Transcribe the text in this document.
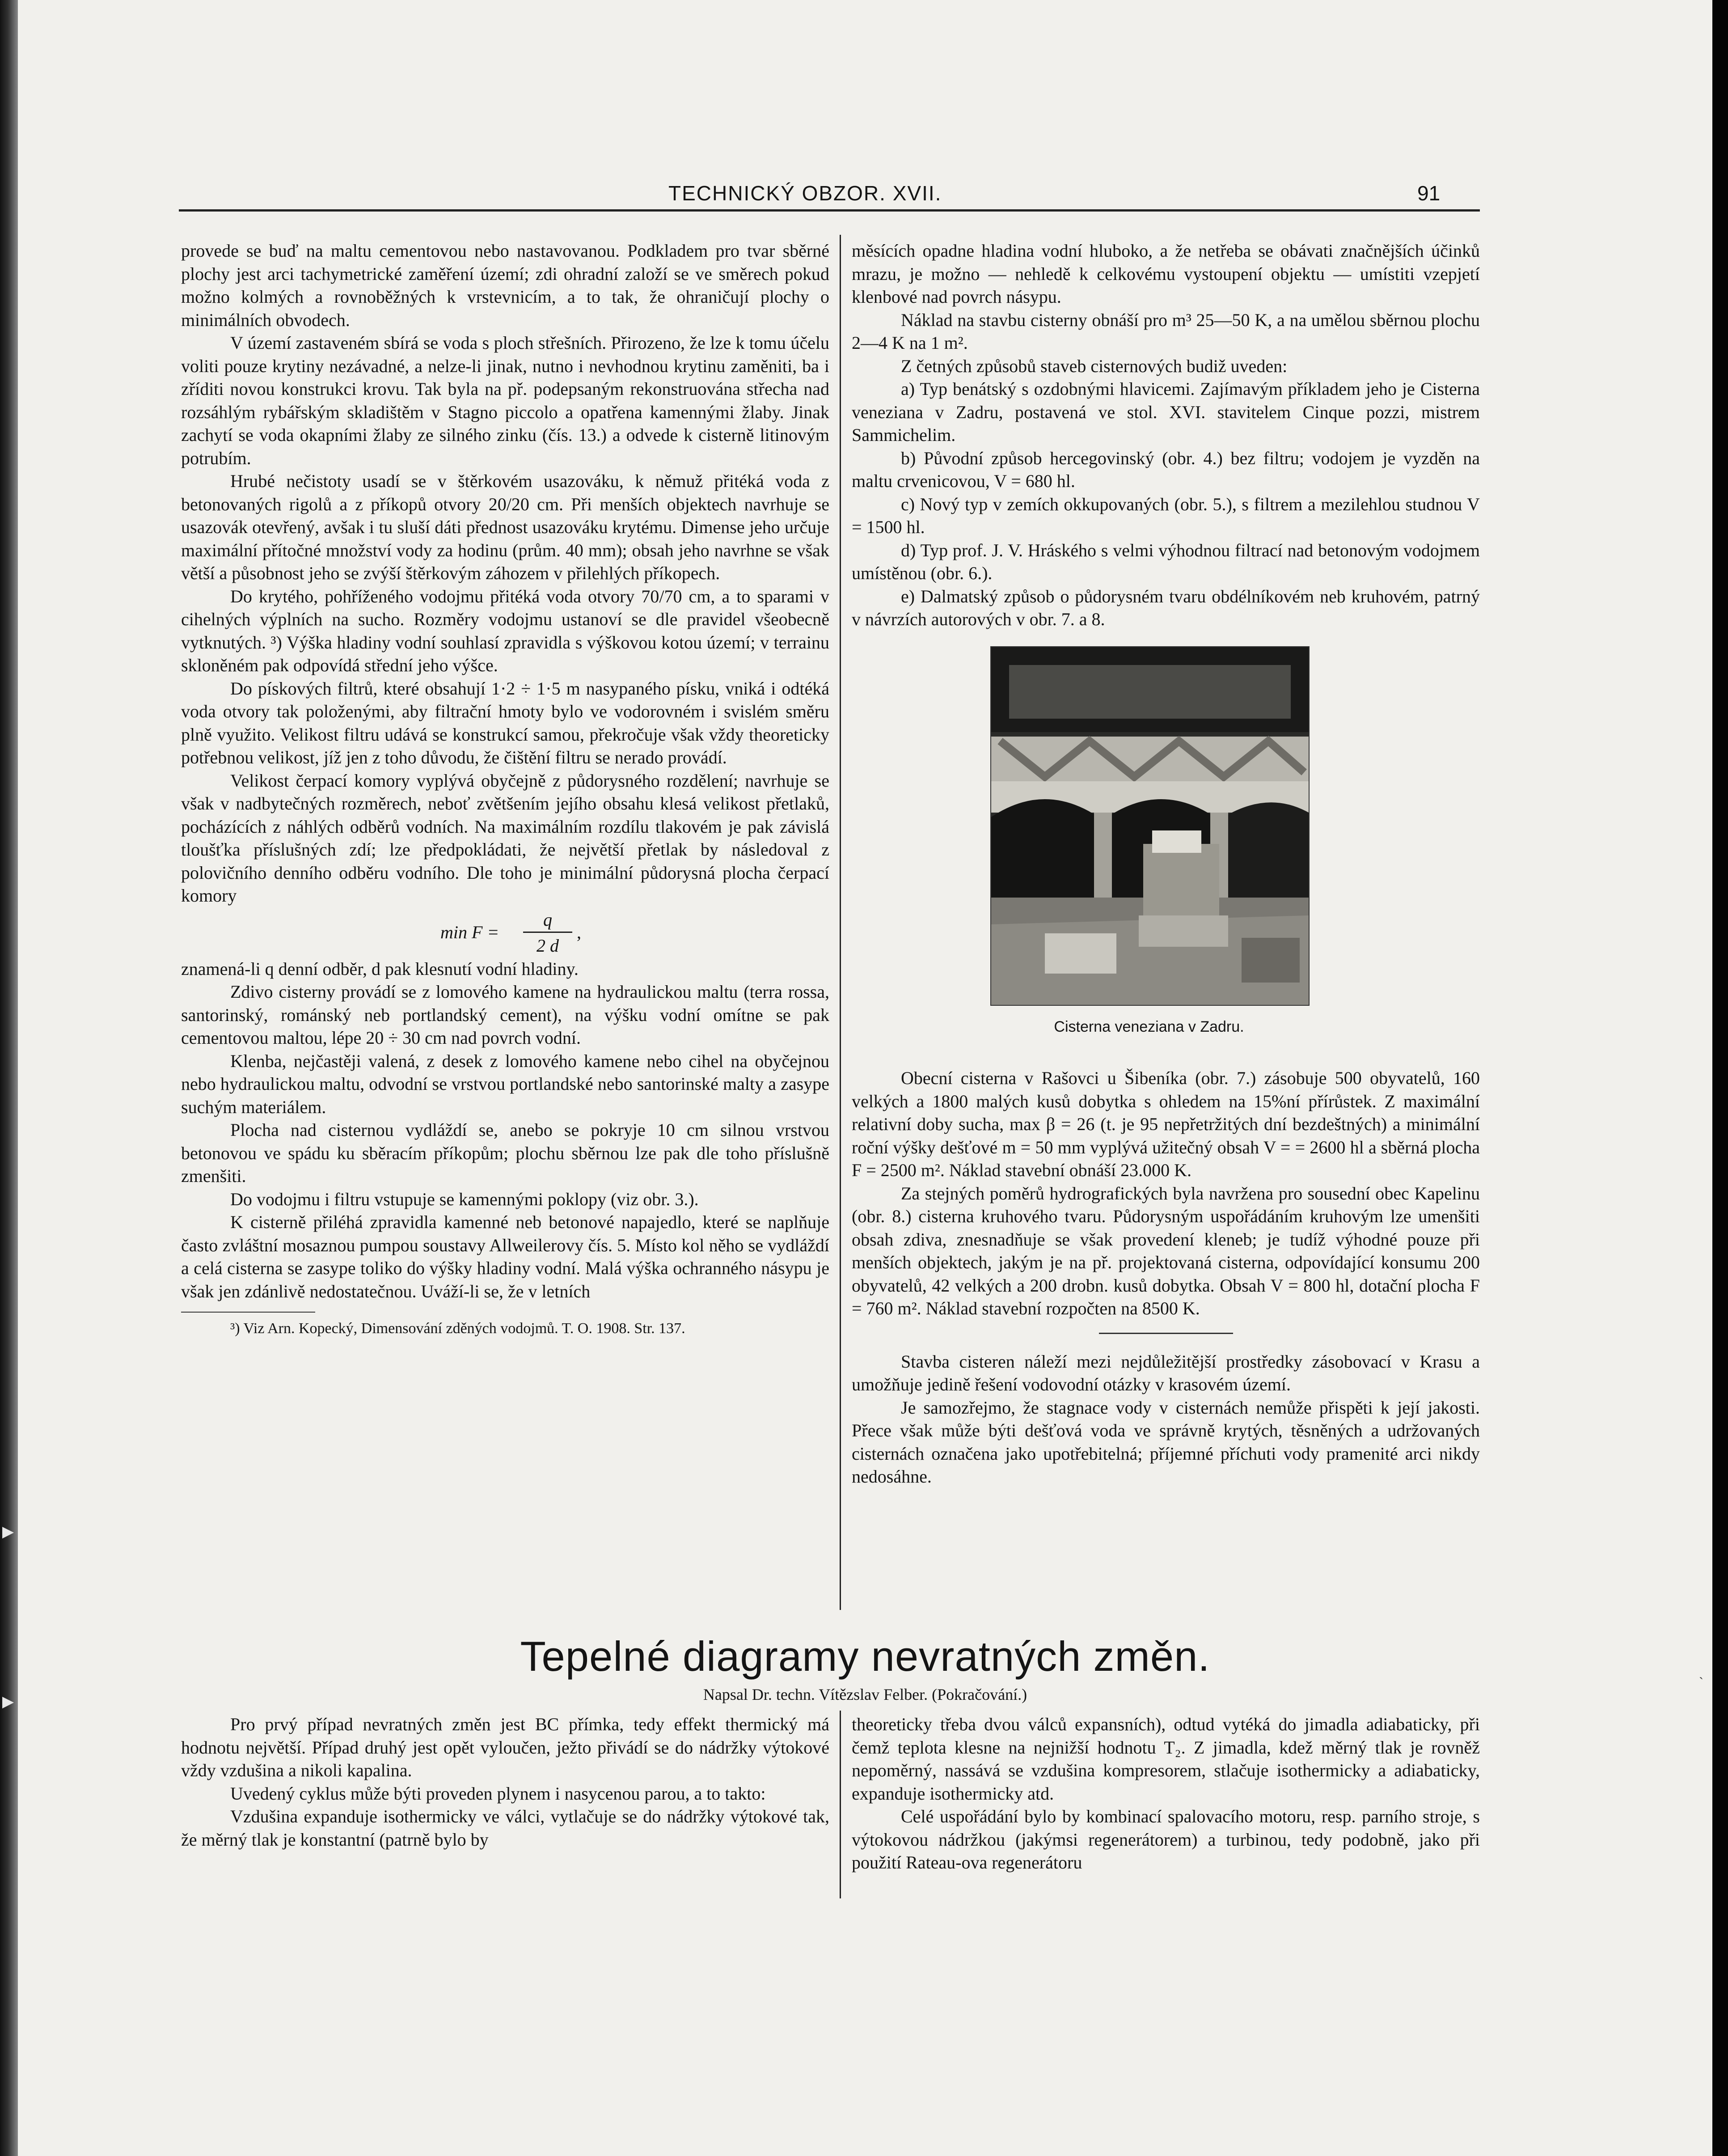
▶
▶
TECHNICKÝ OBZOR. XVII.	91

provede se buď na maltu cementovou nebo nastavovanou. Podkladem pro tvar sběrné plochy jest arci tachymetrické zaměření území; zdi ohradní založí se ve směrech pokud možno kolmých a rovnoběžných k vrstevnicím, a to tak, že ohraničují plochy o minimálních obvodech.

V území zastaveném sbírá se voda s ploch střešních. Přirozeno, že lze k tomu účelu voliti pouze krytiny nezávadné, a nelze-li jinak, nutno i nevhodnou krytinu zaměniti, ba i zříditi novou konstrukci krovu. Tak byla na př. podepsaným rekonstruována střecha nad rozsáhlým rybářským skladištěm v Stagno piccolo a opatřena kamennými žlaby. Jinak zachytí se voda okapními žlaby ze silného zinku (čís. 13.) a odvede k cisterně litinovým potrubím.

Hrubé nečistoty usadí se v štěrkovém usazováku, k němuž přitéká voda z betonovaných rigolů a z příkopů otvory 20/20 cm. Při menších objektech navrhuje se usazovák otevřený, avšak i tu sluší dáti přednost usazováku krytému. Dimense jeho určuje maximální přítočné množství vody za hodinu (prům. 40 mm); obsah jeho navrhne se však větší a působnost jeho se zvýší štěrkovým záhozem v přilehlých příkopech.

Do krytého, pohříženého vodojmu přitéká voda otvory 70/70 cm, a to sparami v cihelných výplních na sucho. Rozměry vodojmu ustanoví se dle pravidel všeobecně vytknutých. ³) Výška hladiny vodní souhlasí zpravidla s výškovou kotou území; v terrainu skloněném pak odpovídá střední jeho výšce.

Do pískových filtrů, které obsahují 1·2 ÷ 1·5 m nasypaného písku, vniká i odtéká voda otvory tak položenými, aby filtrační hmoty bylo ve vodorovném i svislém směru plně využito. Velikost filtru udává se konstrukcí samou, překročuje však vždy theoreticky potřebnou velikost, jíž jen z toho důvodu, že čištění filtru se nerado provádí.

Velikost čerpací komory vyplývá obyčejně z půdorysného rozdělení; navrhuje se však v nadbytečných rozměrech, neboť zvětšením jejího obsahu klesá velikost přetlaků, pocházících z náhlých odběrů vodních. Na maximálním rozdílu tlakovém je pak závislá tloušťka příslušných zdí; lze předpokládati, že největší přetlak by následoval z polovičního denního odběru vodního. Dle toho je minimální půdorysná plocha čerpací komory

min F =
q
2 d
,

znamená-li q denní odběr, d pak klesnutí vodní hladiny.

Zdivo cisterny provádí se z lomového kamene na hydraulickou maltu (terra rossa, santorinský, románský neb portlandský cement), na výšku vodní omítne se pak cementovou maltou, lépe 20 ÷ 30 cm nad povrch vodní.

Klenba, nejčastěji valená, z desek z lomového kamene nebo cihel na obyčejnou nebo hydraulickou maltu, odvodní se vrstvou portlandské nebo santorinské malty a zasype suchým materiálem.

Plocha nad cisternou vydláždí se, anebo se pokryje 10 cm silnou vrstvou betonovou ve spádu ku sběracím příkopům; plochu sběrnou lze pak dle toho příslušně zmenšiti.

Do vodojmu i filtru vstupuje se kamennými poklopy (viz obr. 3.).

K cisterně přiléhá zpravidla kamenné neb betonové napajedlo, které se naplňuje často zvláštní mosaznou pumpou soustavy Allweilerovy čís. 5. Místo kol něho se vydláždí a celá cisterna se zasype toliko do výšky hladiny vodní. Malá výška ochranného násypu je však jen zdánlivě nedostatečnou. Uváží-li se, že v letních

³) Viz Arn. Kopecký, Dimensování zděných vodojmů. T. O. 1908. Str. 137.

měsících opadne hladina vodní hluboko, a že netřeba se obávati značnějších účinků mrazu, je možno — nehledě k celkovému vystoupení objektu — umístiti vzepjetí klenbové nad povrch násypu.

Náklad na stavbu cisterny obnáší pro m³ 25—50 K, a na umělou sběrnou plochu 2—4 K na 1 m².

Z četných způsobů staveb cisternových budiž uveden:

a) Typ benátský s ozdobnými hlavicemi. Zajímavým příkladem jeho je Cisterna veneziana v Zadru, postavená ve stol. XVI. stavitelem Cinque pozzi, mistrem Sammichelim.

b) Původní způsob hercegovinský (obr. 4.) bez filtru; vodojem je vyzděn na maltu crvenicovou, V = 680 hl.

c) Nový typ v zemích okkupovaných (obr. 5.), s filtrem a mezilehlou studnou V = 1500 hl.

d) Typ prof. J. V. Hráského s velmi výhodnou filtrací nad betonovým vodojmem umístěnou (obr. 6.).

e) Dalmatský způsob o půdorysném tvaru obdélníkovém neb kruhovém, patrný v návrzích autorových v obr. 7. a 8.

Cisterna veneziana v Zadru.

Obecní cisterna v Rašovci u Šibeníka (obr. 7.) zásobuje 500 obyvatelů, 160 velkých a 1800 malých kusů dobytka s ohledem na 15%ní přírůstek. Z maximální relativní doby sucha, max β = 26 (t. je 95 nepřetržitých dní bezdeštných) a minimální roční výšky dešťové m = 50 mm vyplývá užitečný obsah V = = 2600 hl a sběrná plocha F = 2500 m². Náklad stavební obnáší 23.000 K.

Za stejných poměrů hydrografických byla navržena pro sousední obec Kapelinu (obr. 8.) cisterna kruhového tvaru. Půdorysným uspořádáním kruhovým lze umenšiti obsah zdiva, znesnadňuje se však provedení kleneb; je tudíž výhodné pouze při menších objektech, jakým je na př. projektovaná cisterna, odpovídající konsumu 200 obyvatelů, 42 velkých a 200 drobn. kusů dobytka. Obsah V = 800 hl, dotační plocha F = 760 m². Náklad stavební rozpočten na 8500 K.

Stavba cisteren náleží mezi nejdůležitější prostředky zásobovací v Krasu a umožňuje jedině řešení vodovodní otázky v krasovém území.

Je samozřejmo, že stagnace vody v cisternách nemůže přispěti k její jakosti. Přece však může býti dešťová voda ve správně krytých, těsněných a udržovaných cisternách označena jako upotřebitelná; příjemné příchuti vody pramenité arci nikdy nedosáhne.

Tepelné diagramy nevratných změn.
Napsal Dr. techn. Vítězslav Felber. (Pokračování.)

Pro prvý případ nevratných změn jest BC přímka, tedy effekt thermický má hodnotu největší. Případ druhý jest opět vyloučen, ježto přivádí se do nádržky výtokové vždy vzdušina a nikoli kapalina.

Uvedený cyklus může býti proveden plynem i nasycenou parou, a to takto:

Vzdušina expanduje isothermicky ve válci, vytlačuje se do nádržky výtokové tak, že měrný tlak je konstantní (patrně bylo by

theoreticky třeba dvou válců expansních), odtud vytéká do jimadla adiabaticky, při čemž teplota klesne na nejnižší hodnotu T₂. Z jimadla, kdež měrný tlak je rovněž nepoměrný, nassává se vzdušina kompresorem, stlačuje isothermicky a adiabaticky, expanduje isothermicky atd.

Celé uspořádání bylo by kombinací spalovacího motoru, resp. parního stroje, s výtokovou nádržkou (jakýmsi regenerátorem) a turbinou, tedy podobně, jako při použití Rateau-ova regenerátoru

`
